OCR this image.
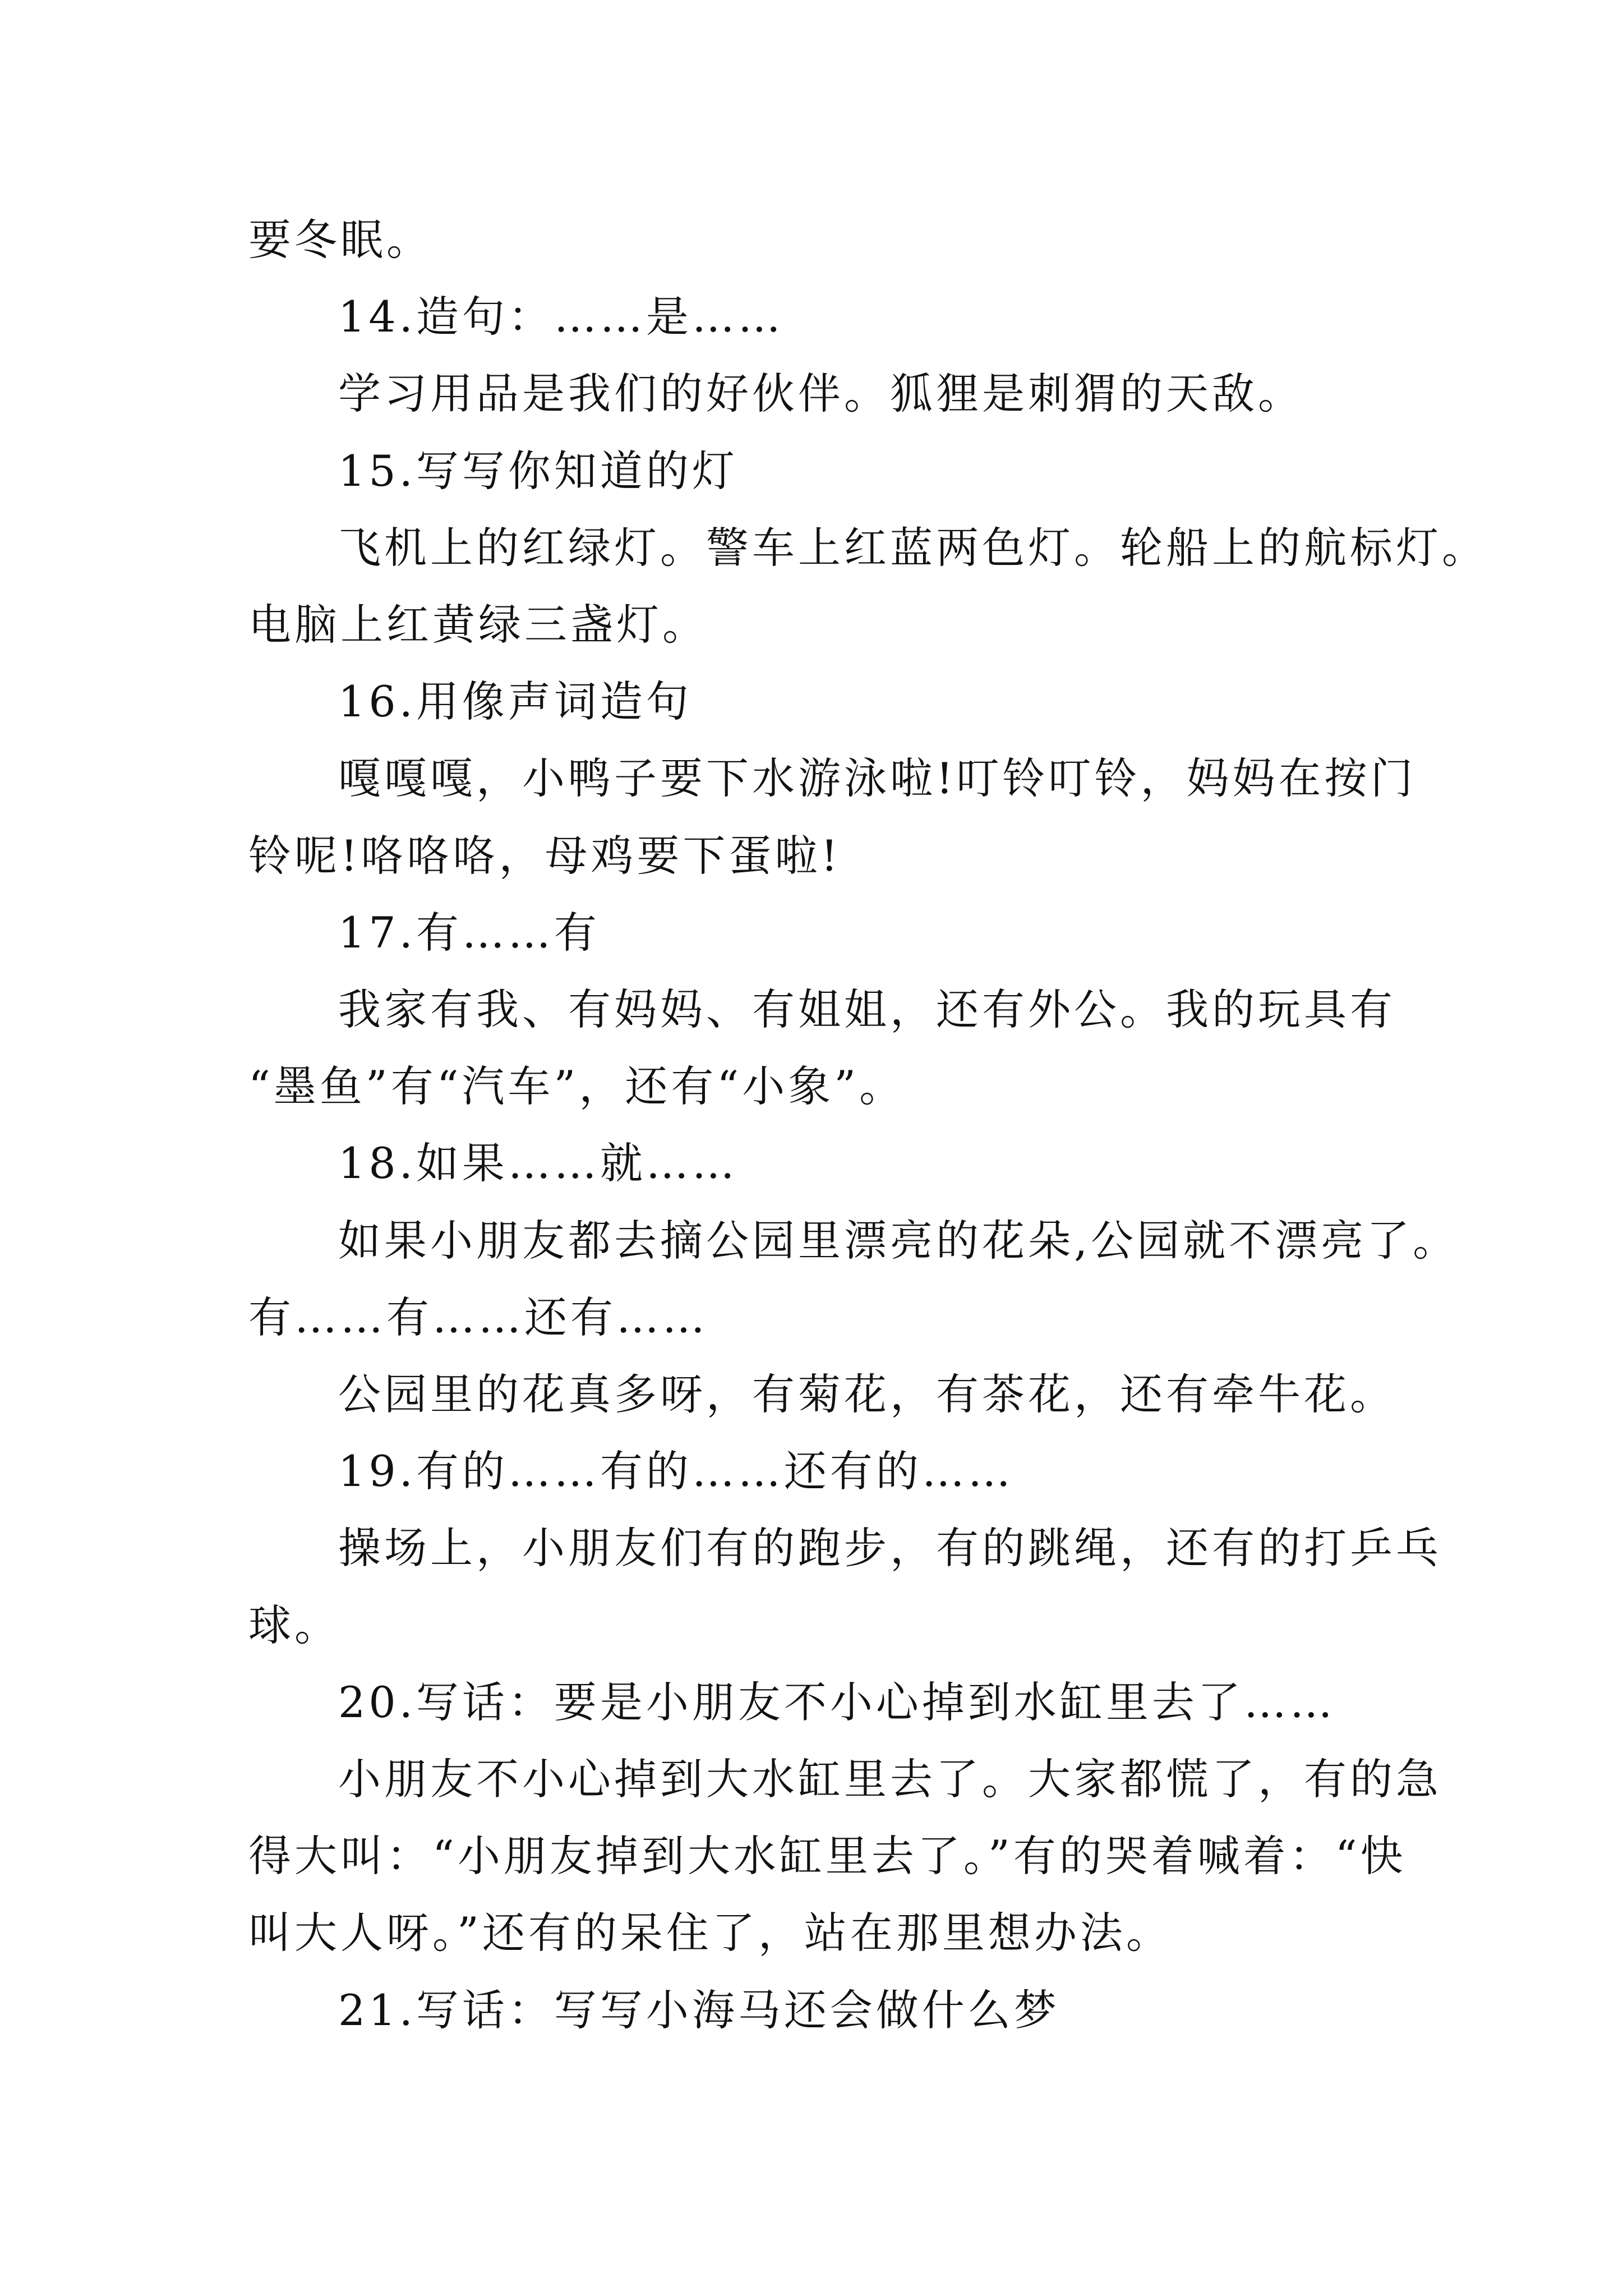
要冬眠。

14.造句：……是……

学习用品是我们的好伙伴。狐狸是刺猬的天敌。

15.写写你知道的灯

飞机上的红绿灯。警车上红蓝两色灯。轮船上的航标灯。

电脑上红黄绿三盏灯。

16.用像声词造句

嘎嘎嘎，小鸭子要下水游泳啦!叮铃叮铃，妈妈在按门

铃呢!咯咯咯，母鸡要下蛋啦!

17.有……有

我家有我、有妈妈、有姐姐，还有外公。我的玩具有

“墨鱼”有“汽车”，还有“小象”。

18.如果……就……

如果小朋友都去摘公园里漂亮的花朵,公园就不漂亮了。

有……有……还有……

公园里的花真多呀，有菊花，有茶花，还有牵牛花。

19.有的……有的……还有的……

操场上，小朋友们有的跑步，有的跳绳，还有的打乒乓

球。

20.写话：要是小朋友不小心掉到水缸里去了……

小朋友不小心掉到大水缸里去了。大家都慌了，有的急

得大叫：“小朋友掉到大水缸里去了。”有的哭着喊着：“快

叫大人呀。”还有的呆住了，站在那里想办法。

21.写话：写写小海马还会做什么梦
